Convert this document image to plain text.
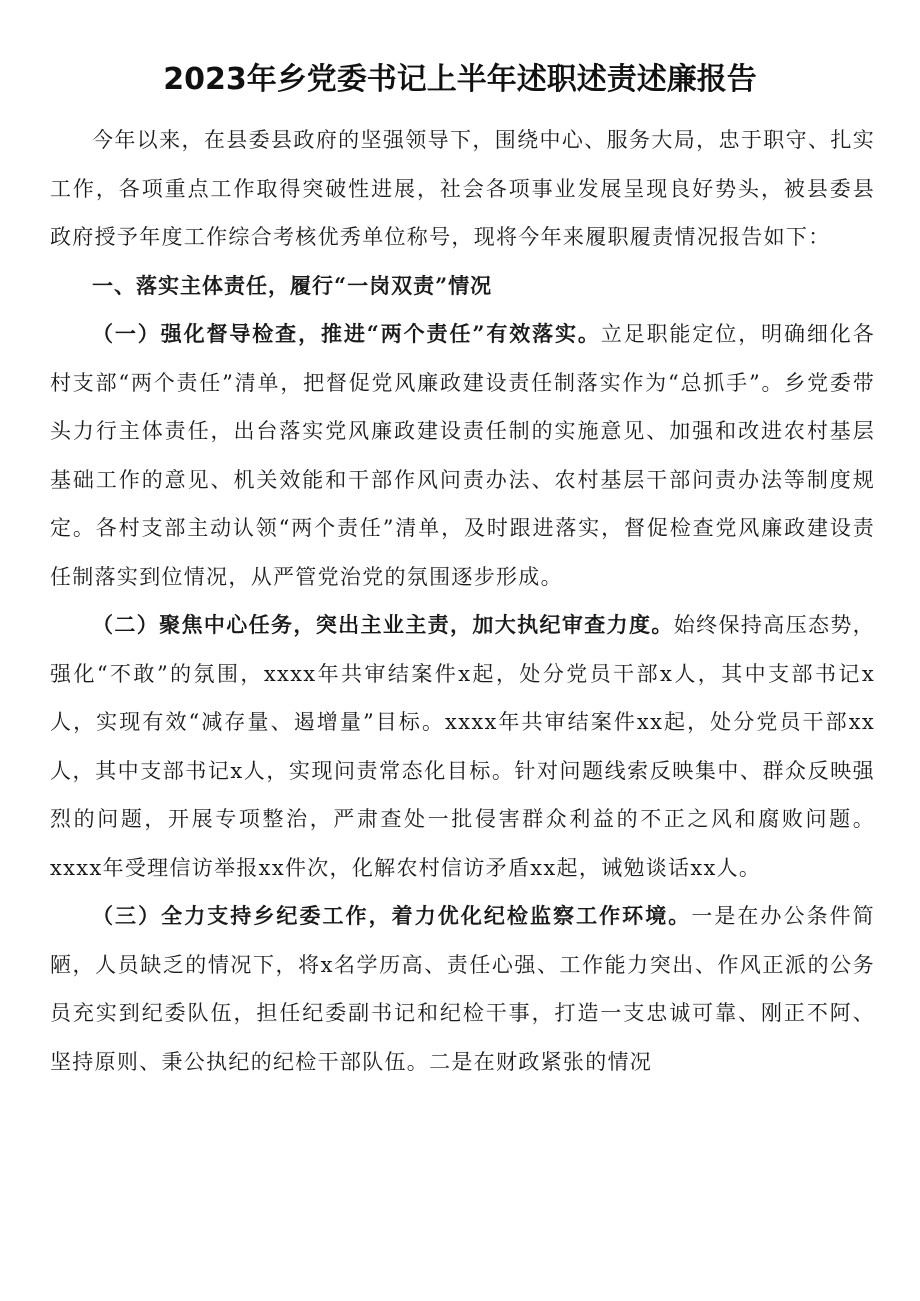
2023年乡党委书记上半年述职述责述廉报告

今年以来，在县委县政府的坚强领导下，围绕中心、服务大局，忠于职守、扎实工作，各项重点工作取得突破性进展，社会各项事业发展呈现良好势头，被县委县政府授予年度工作综合考核优秀单位称号，现将今年来履职履责情况报告如下：

一、落实主体责任，履行“一岗双责”情况

（一）强化督导检查，推进“两个责任”有效落实。立足职能定位，明确细化各村支部“两个责任”清单，把督促党风廉政建设责任制落实作为“总抓手”。乡党委带头力行主体责任，出台落实党风廉政建设责任制的实施意见、加强和改进农村基层基础工作的意见、机关效能和干部作风问责办法、农村基层干部问责办法等制度规定。各村支部主动认领“两个责任”清单，及时跟进落实，督促检查党风廉政建设责任制落实到位情况，从严管党治党的氛围逐步形成。

（二）聚焦中心任务，突出主业主责，加大执纪审查力度。始终保持高压态势，强化“不敢”的氛围，xxxx年共审结案件x起，处分党员干部x人，其中支部书记x人，实现有效“减存量、遏增量”目标。xxxx年共审结案件xx起，处分党员干部xx人，其中支部书记x人，实现问责常态化目标。针对问题线索反映集中、群众反映强烈的问题，开展专项整治，严肃查处一批侵害群众利益的不正之风和腐败问题。xxxx年受理信访举报xx件次，化解农村信访矛盾xx起，诫勉谈话xx人。

（三）全力支持乡纪委工作，着力优化纪检监察工作环境。一是在办公条件简陋，人员缺乏的情况下，将x名学历高、责任心强、工作能力突出、作风正派的公务员充实到纪委队伍，担任纪委副书记和纪检干事，打造一支忠诚可靠、刚正不阿、坚持原则、秉公执纪的纪检干部队伍。二是在财政紧张的情况
